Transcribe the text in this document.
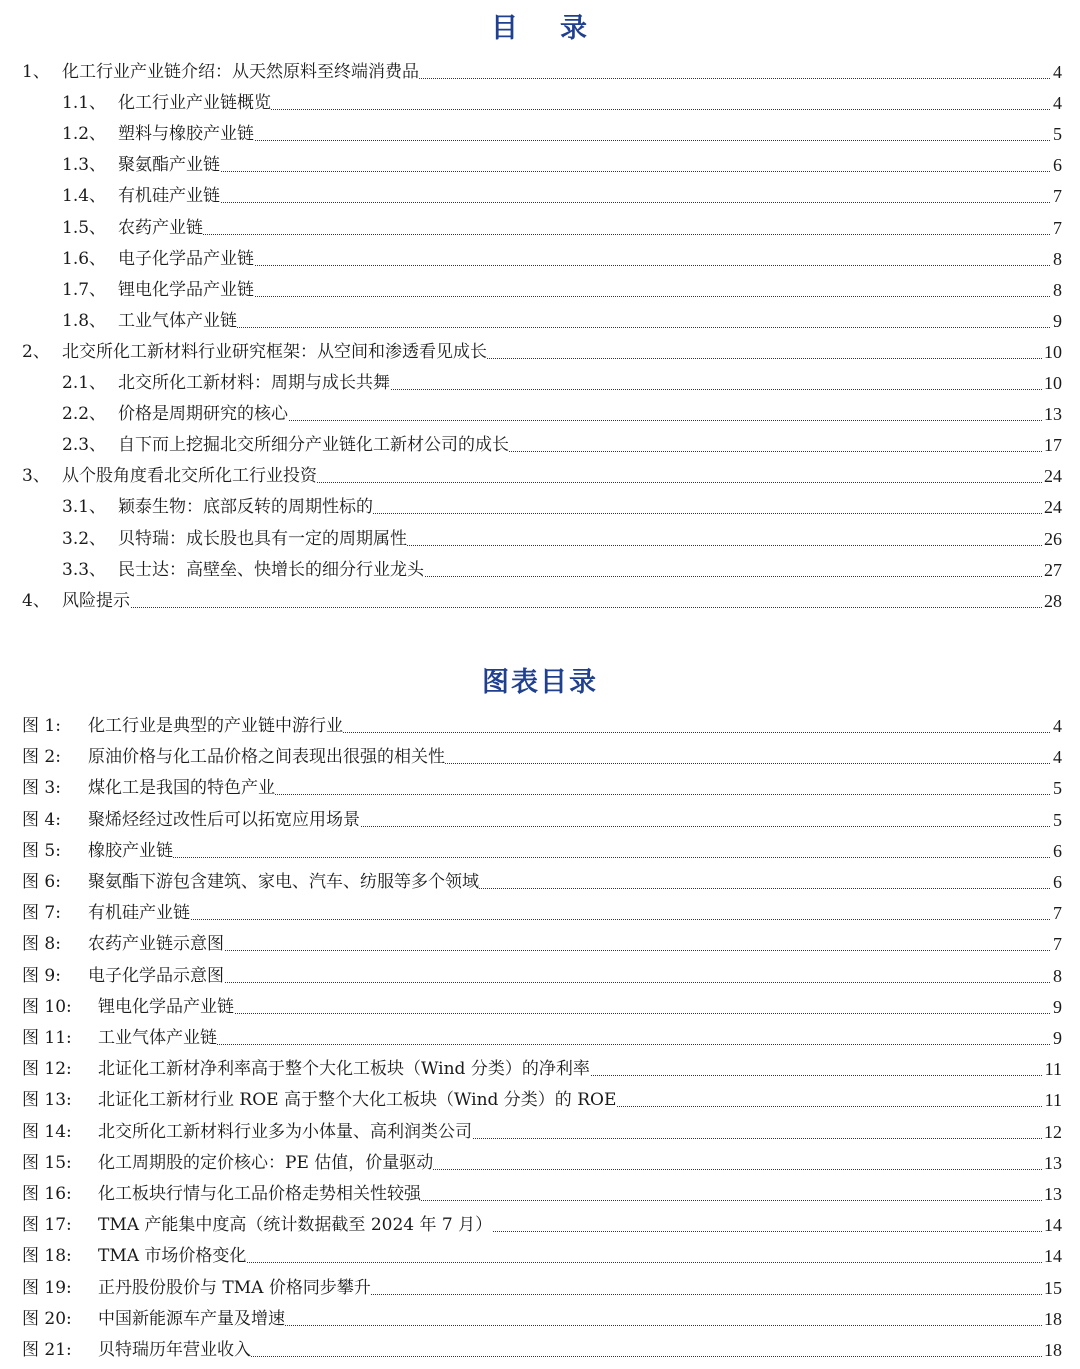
目 录
1、 化工行业产业链介绍：从天然原料至终端消费品	4
1.1、 化工行业产业链概览	4
1.2、 塑料与橡胶产业链	5
1.3、 聚氨酯产业链	6
1.4、 有机硅产业链	7
1.5、 农药产业链	7
1.6、 电子化学品产业链	8
1.7、 锂电化学品产业链	8
1.8、 工业气体产业链	9
2、 北交所化工新材料行业研究框架：从空间和渗透看见成长	10
2.1、 北交所化工新材料：周期与成长共舞	10
2.2、 价格是周期研究的核心	13
2.3、 自下而上挖掘北交所细分产业链化工新材公司的成长	17
3、 从个股角度看北交所化工行业投资	24
3.1、 颖泰生物：底部反转的周期性标的	24
3.2、 贝特瑞：成长股也具有一定的周期属性	26
3.3、 民士达：高壁垒、快增长的细分行业龙头	27
4、 风险提示	28
图表目录
图 1: 化工行业是典型的产业链中游行业	4
图 2: 原油价格与化工品价格之间表现出很强的相关性	4
图 3: 煤化工是我国的特色产业	5
图 4: 聚烯烃经过改性后可以拓宽应用场景	5
图 5: 橡胶产业链	6
图 6: 聚氨酯下游包含建筑、家电、汽车、纺服等多个领域	6
图 7: 有机硅产业链	7
图 8: 农药产业链示意图	7
图 9: 电子化学品示意图	8
图 10: 锂电化学品产业链	9
图 11: 工业气体产业链	9
图 12: 北证化工新材净利率高于整个大化工板块（Wind 分类）的净利率	11
图 13: 北证化工新材行业 ROE 高于整个大化工板块（Wind 分类）的 ROE	11
图 14: 北交所化工新材料行业多为小体量、高利润类公司	12
图 15: 化工周期股的定价核心：PE 估值，价量驱动	13
图 16: 化工板块行情与化工品价格走势相关性较强	13
图 17: TMA 产能集中度高（统计数据截至 2024 年 7 月）	14
图 18: TMA 市场价格变化	14
图 19: 正丹股份股价与 TMA 价格同步攀升	15
图 20: 中国新能源车产量及增速	18
图 21: 贝特瑞历年营业收入	18
